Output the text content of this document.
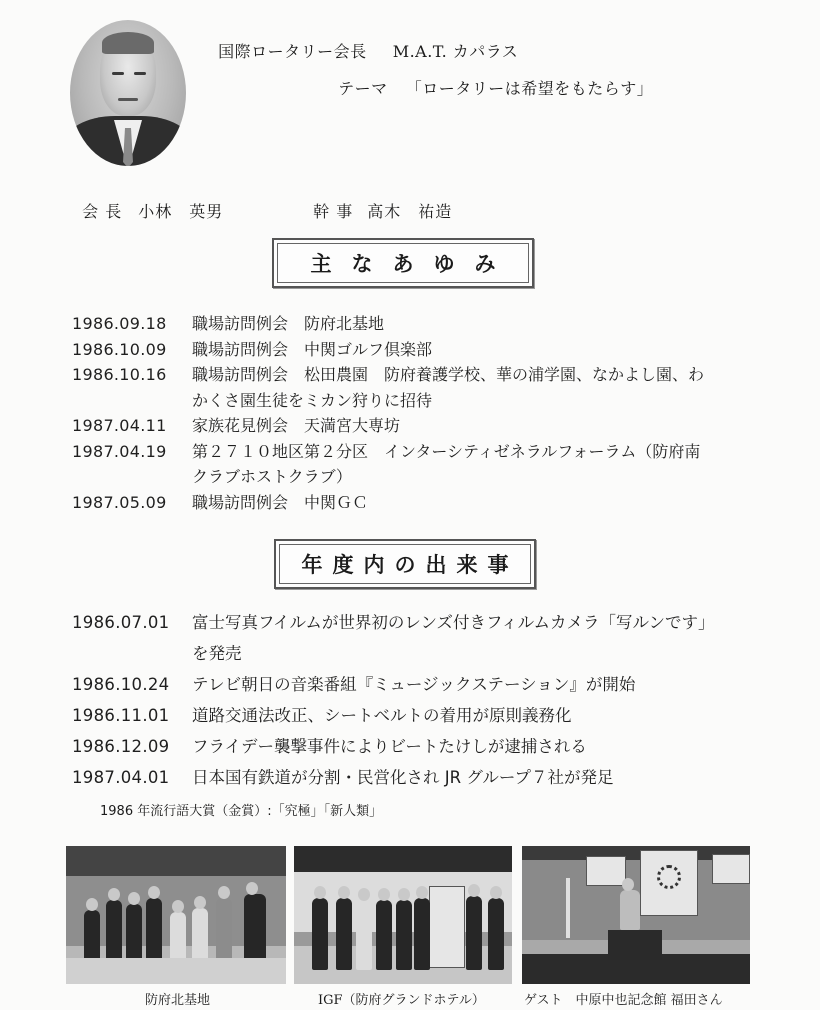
国際ロータリー会長 M.A.T. カパラス

テーマ 「ロータリーは希望をもたらす」

会 長 小林　英男	幹 事 高木　祐造

主なあゆみ
1986.09.18	職場訪問例会　防府北基地
1986.10.09	職場訪問例会　中関ゴルフ倶楽部
1986.10.16	職場訪問例会　松田農園　防府養護学校、華の浦学園、なかよし園、わ
かくさ園生徒をミカン狩りに招待
1987.04.11	家族花見例会　天満宮大専坊
1987.04.19	第２７１０地区第２分区　インターシティゼネラルフォーラム（防府南
クラブホストクラブ）
1987.05.09	職場訪問例会　中関ＧＣ
年度内の出来事
1986.07.01	富士写真フイルムが世界初のレンズ付きフィルムカメラ「写ルンです」
を発売
1986.10.24	テレビ朝日の音楽番組『ミュージックステーション』が開始
1986.11.01	道路交通法改正、シートベルトの着用が原則義務化
1986.12.09	フライデー襲撃事件によりビートたけしが逮捕される
1987.04.01	日本国有鉄道が分割・民営化され JR グループ７社が発足
1986 年流行語大賞（金賞）:「究極」「新人類」
防府北基地	IGF（防府グランドホテル）	ゲスト　中原中也記念館 福田さん
